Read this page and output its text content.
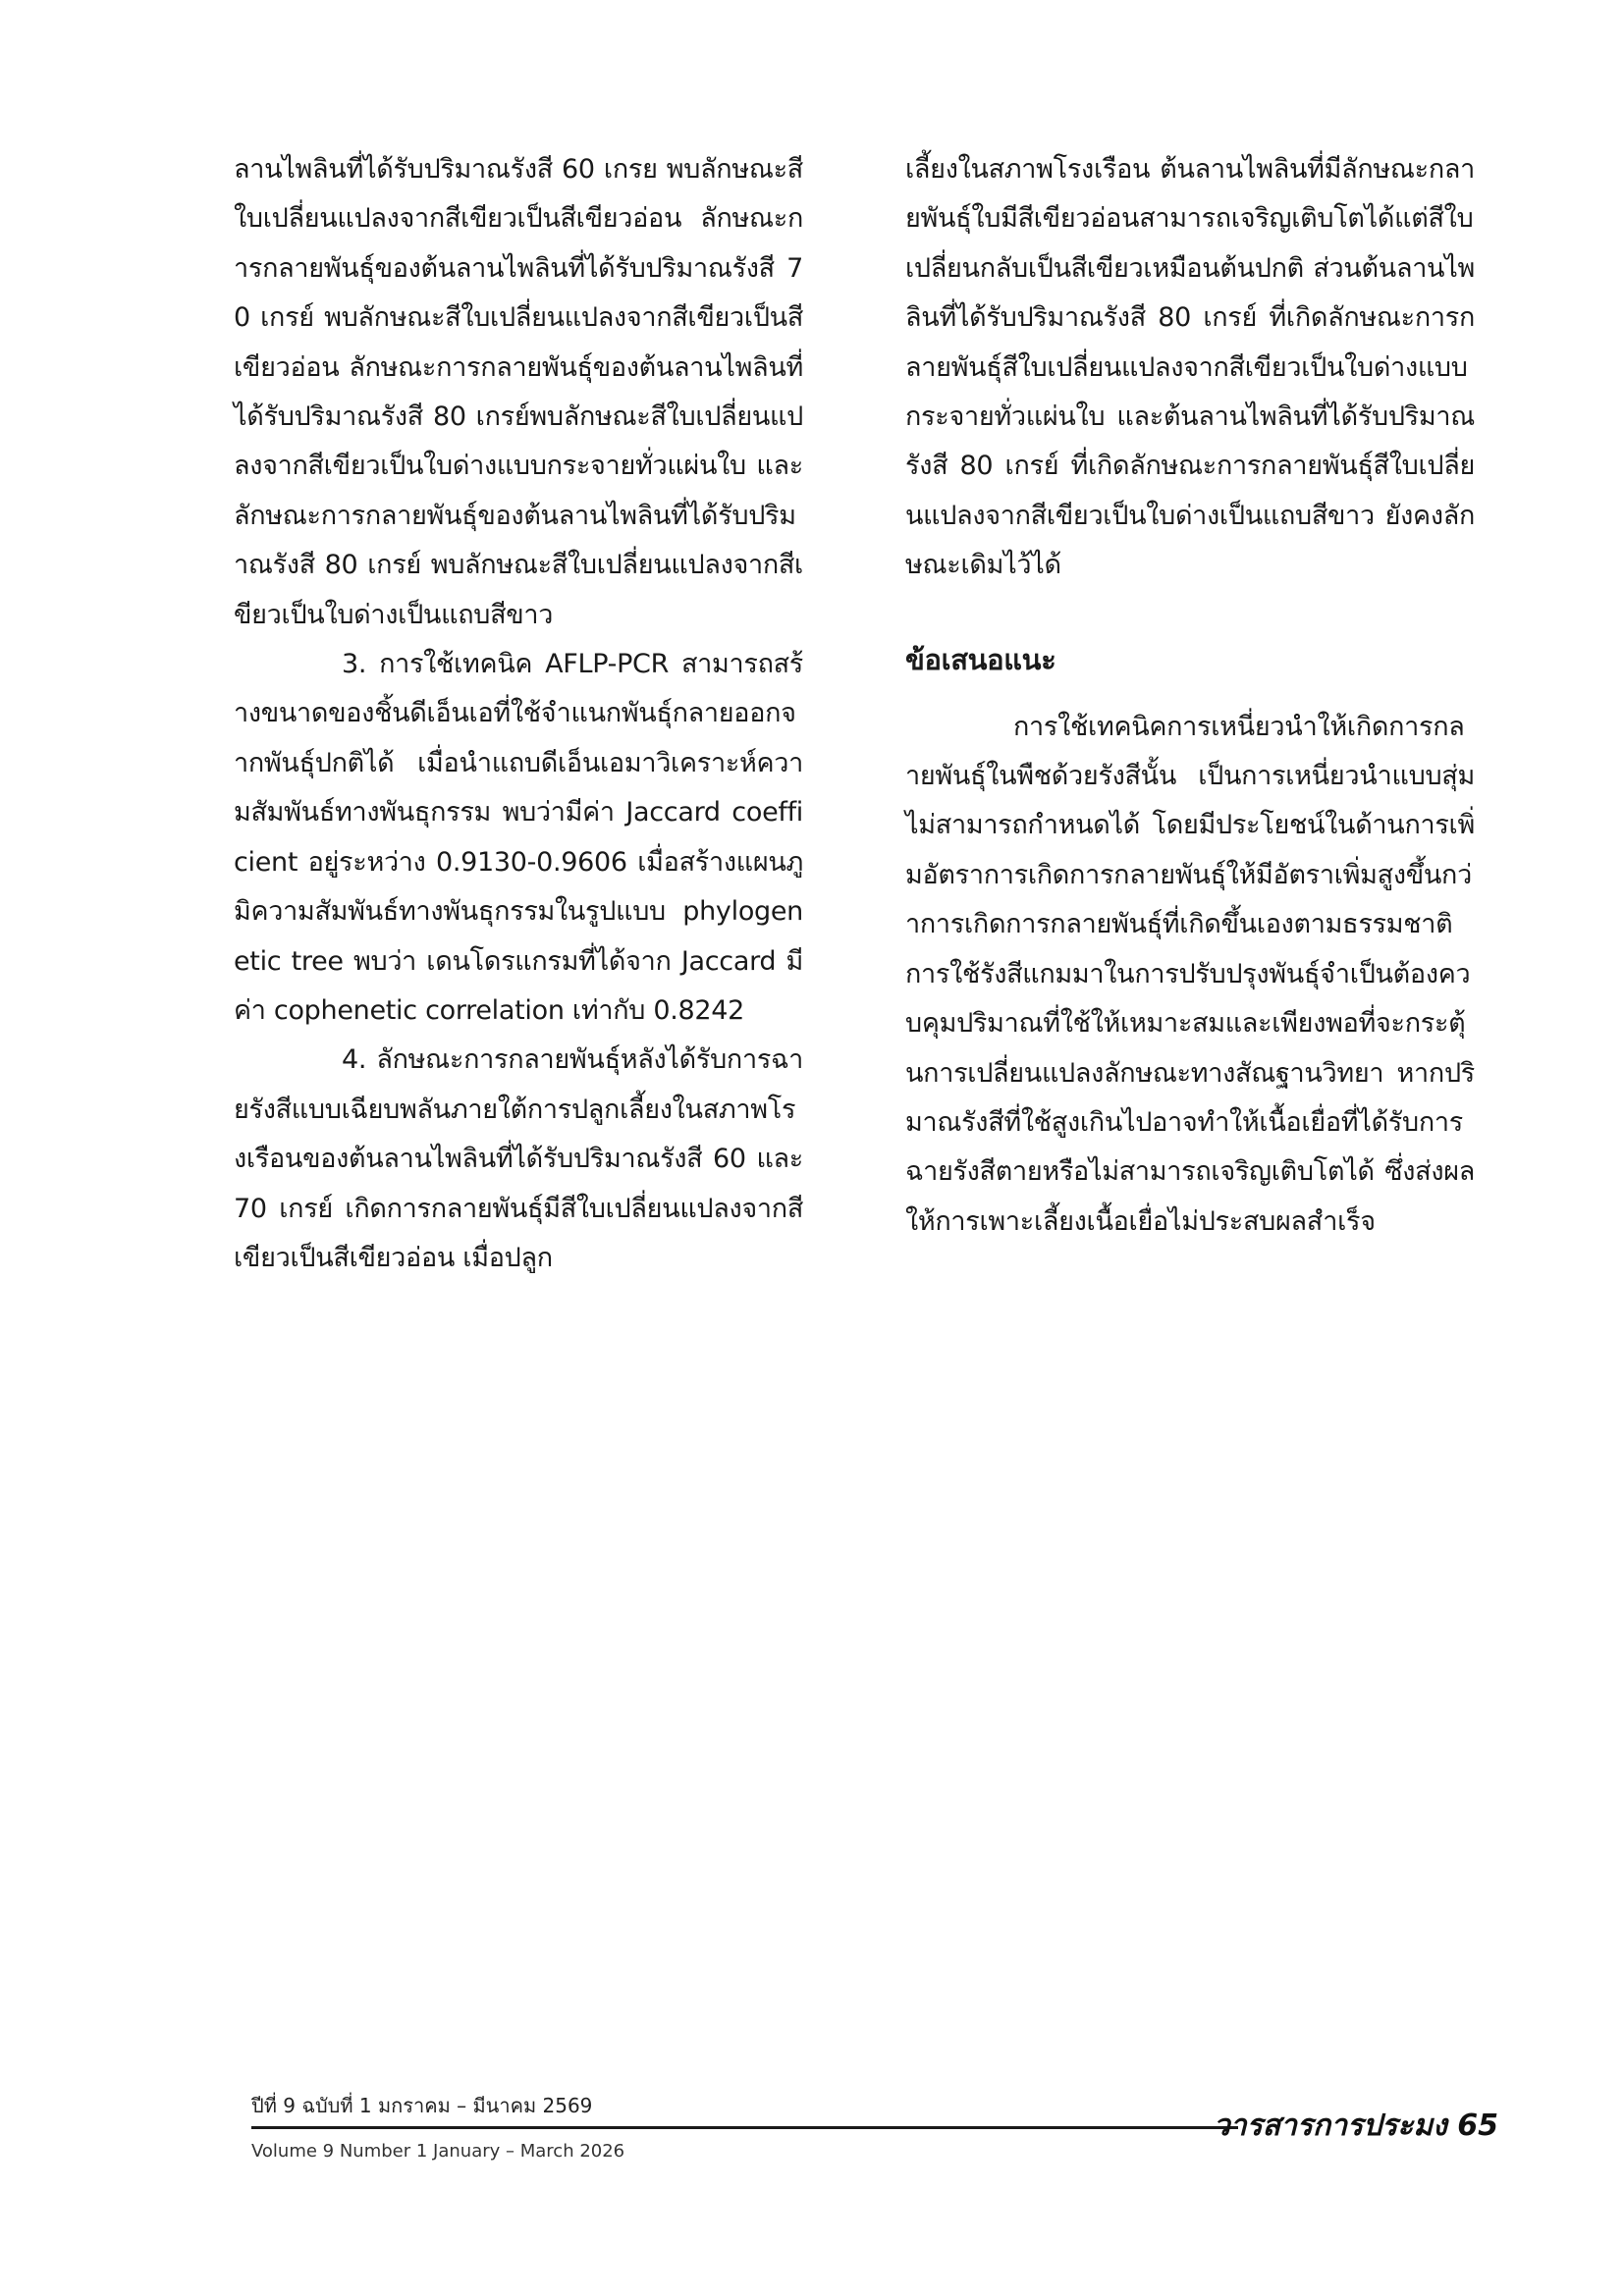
ลานไพลินที่ได้รับปริมาณรังสี 60 เกรย พบลักษณะสีใบเปลี่ยนแปลงจากสีเขียวเป็นสีเขียวอ่อน ลักษณะการกลายพันธุ์ของต้นลานไพลินที่ได้รับปริมาณรังสี 70 เกรย์ พบลักษณะสีใบเปลี่ยนแปลงจากสีเขียวเป็นสีเขียวอ่อน ลักษณะการกลายพันธุ์ของต้นลานไพลินที่ได้รับปริมาณรังสี 80 เกรย์พบลักษณะสีใบเปลี่ยนแปลงจากสีเขียวเป็นใบด่างแบบกระจายทั่วแผ่นใบ และลักษณะการกลายพันธุ์ของต้นลานไพลินที่ได้รับปริมาณรังสี 80 เกรย์ พบลักษณะสีใบเปลี่ยนแปลงจากสีเขียวเป็นใบด่างเป็นแถบสีขาว

3. การใช้เทคนิค AFLP-PCR สามารถสร้างขนาดของชิ้นดีเอ็นเอที่ใช้จำแนกพันธุ์กลายออกจากพันธุ์ปกติได้ เมื่อนำแถบดีเอ็นเอมาวิเคราะห์ความสัมพันธ์ทางพันธุกรรม พบว่ามีค่า Jaccard coefficient อยู่ระหว่าง 0.9130-0.9606 เมื่อสร้างแผนภูมิความสัมพันธ์ทางพันธุกรรมในรูปแบบ phylogenetic tree พบว่า เดนโดรแกรมที่ได้จาก Jaccard มีค่า cophenetic correlation เท่ากับ 0.8242

4. ลักษณะการกลายพันธุ์หลังได้รับการฉายรังสีแบบเฉียบพลันภายใต้การปลูกเลี้ยงในสภาพโรงเรือนของต้นลานไพลินที่ได้รับปริมาณรังสี 60 และ 70 เกรย์ เกิดการกลายพันธุ์มีสีใบเปลี่ยนแปลงจากสีเขียวเป็นสีเขียวอ่อน เมื่อปลูก

เลี้ยงในสภาพโรงเรือน ต้นลานไพลินที่มีลักษณะกลายพันธุ์ใบมีสีเขียวอ่อนสามารถเจริญเติบโตได้แต่สีใบเปลี่ยนกลับเป็นสีเขียวเหมือนต้นปกติ ส่วนต้นลานไพลินที่ได้รับปริมาณรังสี 80 เกรย์ ที่เกิดลักษณะการกลายพันธุ์สีใบเปลี่ยนแปลงจากสีเขียวเป็นใบด่างแบบกระจายทั่วแผ่นใบ และต้นลานไพลินที่ได้รับปริมาณรังสี 80 เกรย์ ที่เกิดลักษณะการกลายพันธุ์สีใบเปลี่ยนแปลงจากสีเขียวเป็นใบด่างเป็นแถบสีขาว ยังคงลักษณะเดิมไว้ได้

ข้อเสนอแนะ

การใช้เทคนิคการเหนี่ยวนำให้เกิดการกลายพันธุ์ในพืชด้วยรังสีนั้น เป็นการเหนี่ยวนำแบบสุ่ม ไม่สามารถกำหนดได้ โดยมีประโยชน์ในด้านการเพิ่มอัตราการเกิดการกลายพันธุ์ให้มีอัตราเพิ่มสูงขึ้นกว่าการเกิดการกลายพันธุ์ที่เกิดขึ้นเองตามธรรมชาติ การใช้รังสีแกมมาในการปรับปรุงพันธุ์จำเป็นต้องควบคุมปริมาณที่ใช้ให้เหมาะสมและเพียงพอที่จะกระตุ้นการเปลี่ยนแปลงลักษณะทางสัณฐานวิทยา หากปริมาณรังสีที่ใช้สูงเกินไปอาจทำให้เนื้อเยื่อที่ได้รับการฉายรังสีตายหรือไม่สามารถเจริญเติบโตได้ ซึ่งส่งผลให้การเพาะเลี้ยงเนื้อเยื่อไม่ประสบผลสำเร็จ

ปีที่ 9 ฉบับที่ 1 มกราคม – มีนาคม 2569
Volume 9 Number 1 January – March 2026
วารสารการประมง 65
